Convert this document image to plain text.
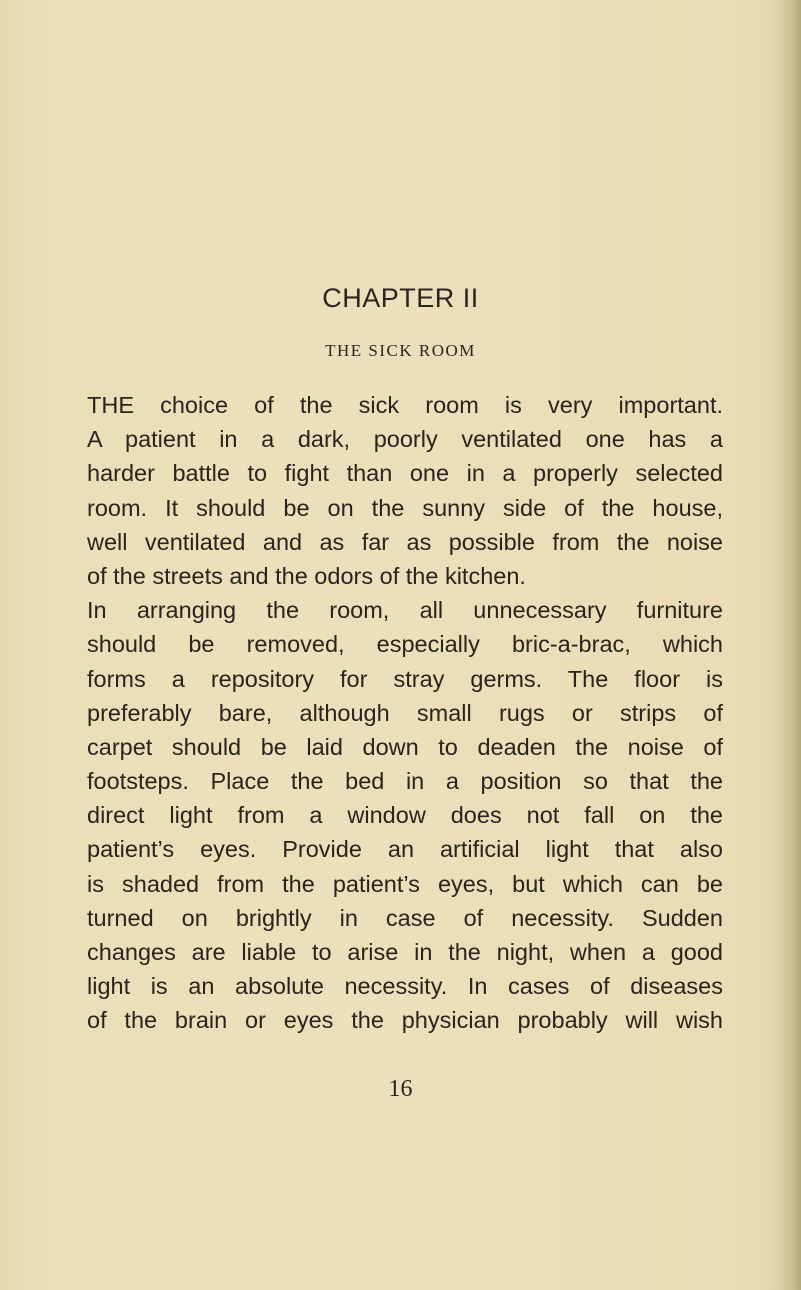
CHAPTER II
THE SICK ROOM
THE choice of the sick room is very important.
A patient in a dark, poorly ventilated one has a
harder battle to fight than one in a properly selected
room. It should be on the sunny side of the house,
well ventilated and as far as possible from the noise
of the streets and the odors of the kitchen.
In arranging the room, all unnecessary furniture
should be removed, especially bric-a-brac, which
forms a repository for stray germs. The floor is
preferably bare, although small rugs or strips of
carpet should be laid down to deaden the noise of
footsteps. Place the bed in a position so that the
direct light from a window does not fall on the
patient’s eyes. Provide an artificial light that also
is shaded from the patient’s eyes, but which can be
turned on brightly in case of necessity. Sudden
changes are liable to arise in the night, when a good
light is an absolute necessity. In cases of diseases
of the brain or eyes the physician probably will wish

16
